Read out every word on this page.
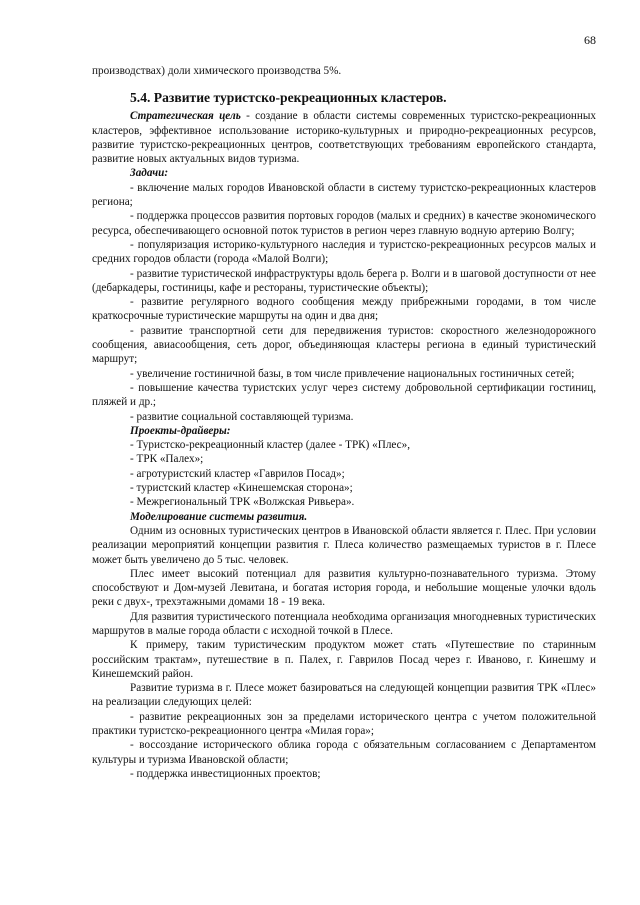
68

производствах) доли химического производства 5%.

5.4. Развитие туристско-рекреационных кластеров.

Стратегическая цель - создание в области системы современных туристско-рекреационных кластеров, эффективное использование историко-культурных и природно-рекреационных ресурсов, развитие туристско-рекреационных центров, соответствующих требованиям европейского стандарта, развитие новых актуальных видов туризма.

Задачи:

- включение малых городов Ивановской области в систему туристско-рекреационных кластеров региона;

- поддержка процессов развития портовых городов (малых и средних) в качестве экономического ресурса, обеспечивающего основной поток туристов в регион через главную водную артерию Волгу;

- популяризация историко-культурного наследия и туристско-рекреационных ресурсов малых и средних городов области (города «Малой Волги);

- развитие туристической инфраструктуры вдоль берега р. Волги и в шаговой доступности от нее (дебаркадеры, гостиницы, кафе и рестораны, туристические объекты);

- развитие регулярного водного сообщения между прибрежными городами, в том числе краткосрочные туристические маршруты на один и два дня;

- развитие транспортной сети для передвижения туристов: скоростного железнодорожного сообщения, авиасообщения, сеть дорог, объединяющая кластеры региона в единый туристический маршрут;

- увеличение гостиничной базы, в том числе привлечение национальных гостиничных сетей;

- повышение качества туристских услуг через систему добровольной сертификации гостиниц, пляжей и др.;

- развитие социальной составляющей туризма.

Проекты-драйверы:

- Туристско-рекреационный кластер (далее - ТРК) «Плес»,

- ТРК «Палех»;

- агротуристский кластер «Гаврилов Посад»;

- туристский кластер «Кинешемская сторона»;

- Межрегиональный ТРК «Волжская Ривьера».

Моделирование системы развития.

Одним из основных туристических центров в Ивановской области является г. Плес. При условии реализации мероприятий концепции развития г. Плеса количество размещаемых туристов в г. Плесе может быть увеличено до 5 тыс. человек.

Плес имеет высокий потенциал для развития культурно-познавательного туризма. Этому способствуют и Дом-музей Левитана, и богатая история города, и небольшие мощеные улочки вдоль реки с двух-, трехэтажными домами 18 - 19 века.

Для развития туристического потенциала необходима организация многодневных туристических маршрутов в малые города области с исходной точкой в Плесе.

К примеру, таким туристическим продуктом может стать «Путешествие по старинным российским трактам», путешествие в п. Палех, г. Гаврилов Посад через г. Иваново, г. Кинешму и Кинешемский район.

Развитие туризма в г. Плесе может базироваться на следующей концепции развития ТРК «Плес» на реализации следующих целей:

- развитие рекреационных зон за пределами исторического центра с учетом положительной практики туристско-рекреационного центра «Милая гора»;

- воссоздание исторического облика города с обязательным согласованием с Департаментом культуры и туризма Ивановской области;

- поддержка инвестиционных проектов;
